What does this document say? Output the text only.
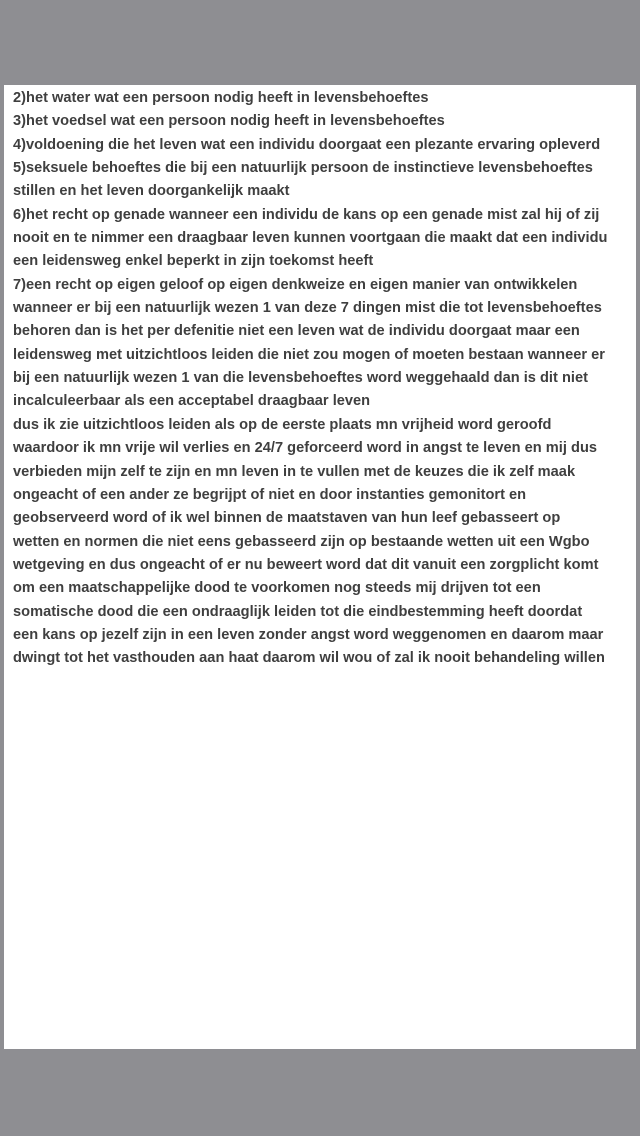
2)het water wat een persoon nodig heeft in levensbehoeftes
3)het voedsel wat een persoon nodig heeft in levensbehoeftes
4)voldoening die het leven wat een individu doorgaat een plezante ervaring opleverd
5)seksuele behoeftes die bij een natuurlijk persoon de instinctieve levensbehoeftes
stillen en het leven doorgankelijk maakt
6)het recht op genade wanneer een individu de kans op een genade mist zal hij of zij
nooit en te nimmer een draagbaar leven kunnen voortgaan die maakt dat een individu
een leidensweg enkel beperkt in zijn toekomst heeft
7)een recht op eigen geloof op eigen denkweize en eigen manier van ontwikkelen
wanneer er bij een natuurlijk wezen 1 van deze 7 dingen mist die tot levensbehoeftes
behoren dan is het per defenitie niet een leven wat de individu doorgaat maar een
leidensweg met uitzichtloos leiden die niet zou mogen of moeten bestaan wanneer er
bij een natuurlijk wezen 1 van die levensbehoeftes word weggehaald dan is dit niet
incalculeerbaar als een acceptabel draagbaar leven
dus ik zie uitzichtloos leiden als op de eerste plaats mn vrijheid word geroofd
waardoor ik mn vrije wil verlies en 24/7 geforceerd word in angst te leven en mij dus
verbieden mijn zelf te zijn en mn leven in te vullen met de keuzes die ik zelf maak
ongeacht of een ander ze begrijpt of niet en door instanties gemonitort en
geobserveerd word of ik wel binnen de maatstaven van hun leef gebasseert op
wetten en normen die niet eens gebasseerd zijn op bestaande wetten uit een Wgbo
wetgeving en dus ongeacht of er nu beweert word dat dit vanuit een zorgplicht komt
om een maatschappelijke dood te voorkomen nog steeds mij drijven tot een
somatische dood die een ondraaglijk leiden tot die eindbestemming heeft doordat
een kans op jezelf zijn in een leven zonder angst word weggenomen en daarom maar
dwingt tot het vasthouden aan haat daarom wil wou of zal ik nooit behandeling willen
